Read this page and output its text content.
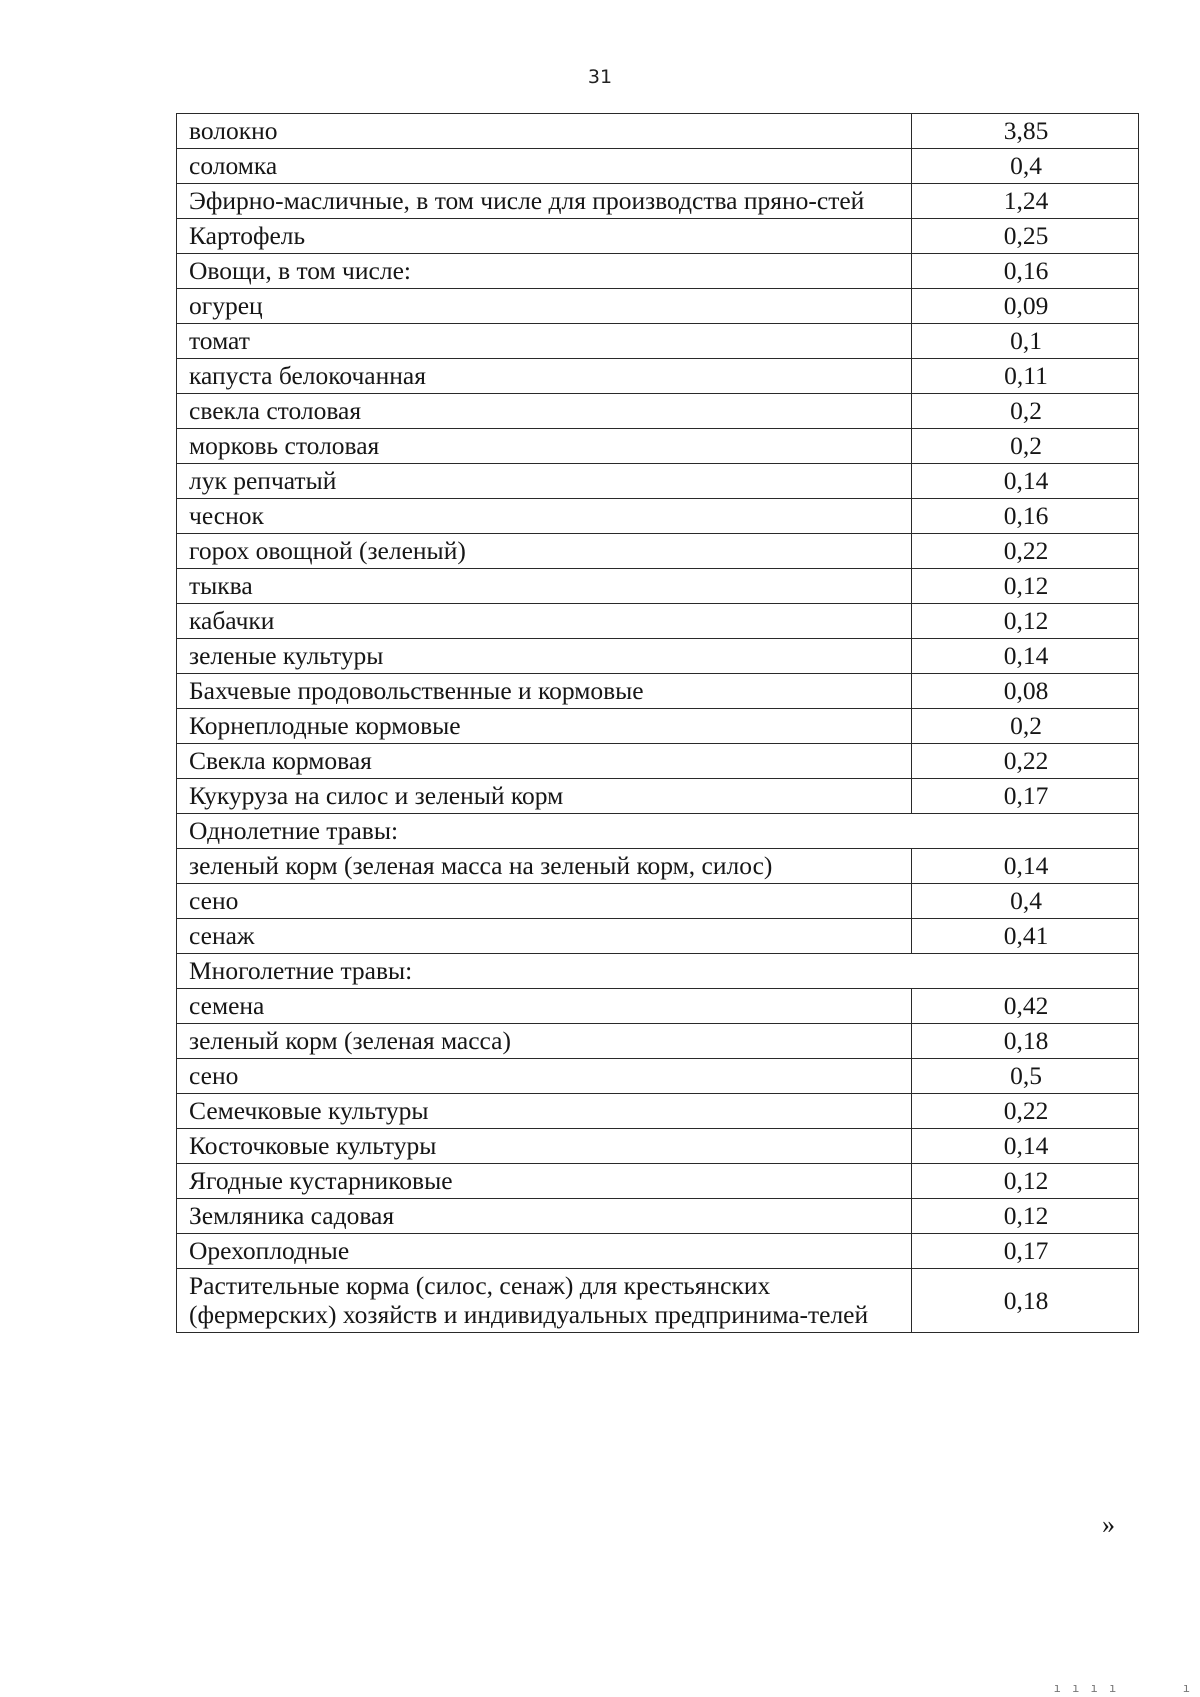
31
волокно	3,85
соломка	0,4
Эфирно-масличные, в том числе для производства пряно-стей	1,24
Картофель	0,25
Овощи, в том числе:	0,16
огурец	0,09
томат	0,1
капуста белокочанная	0,11
свекла столовая	0,2
морковь столовая	0,2
лук репчатый	0,14
чеснок	0,16
горох овощной (зеленый)	0,22
тыква	0,12
кабачки	0,12
зеленые культуры	0,14
Бахчевые продовольственные и кормовые	0,08
Корнеплодные кормовые	0,2
Свекла кормовая	0,22
Кукуруза на силос и зеленый корм	0,17
Однолетние травы:	
зеленый корм (зеленая масса на зеленый корм, силос)	0,14
сено	0,4
сенаж	0,41
Многолетние травы:	
семена	0,42
зеленый корм (зеленая масса)	0,18
сено	0,5
Семечковые культуры	0,22
Косточковые культуры	0,14
Ягодные кустарниковые	0,12
Земляника садовая	0,12
Орехоплодные	0,17
Растительные корма (силос, сенаж) для крестьянских (фермерских) хозяйств и индивидуальных предпринима-телей	0,18
»
ı ı ı ı       ı
